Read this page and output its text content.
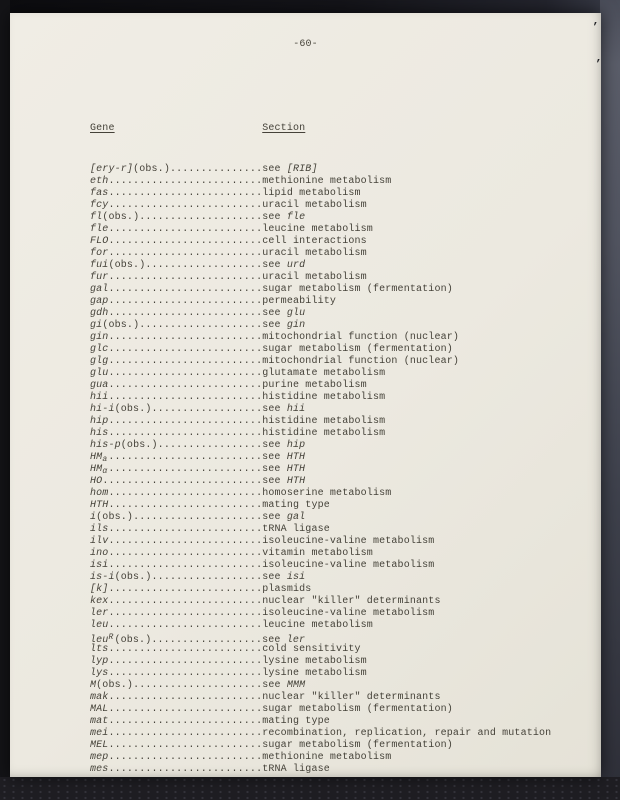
-60-
’
’

Gene	Section

[ery-r](obs.)...............see [RIB]
eth.........................methionine metabolism
fas.........................lipid metabolism
fcy.........................uracil metabolism
fl(obs.)....................see fle
fle.........................leucine metabolism
FLO.........................cell interactions
for.........................uracil metabolism
fui(obs.)...................see urd
fur.........................uracil metabolism
gal.........................sugar metabolism (fermentation)
gap.........................permeability
gdh.........................see glu
gi(obs.)....................see gin
gin.........................mitochondrial function (nuclear)
glc.........................sugar metabolism (fermentation)
glg.........................mitochondrial function (nuclear)
glu.........................glutamate metabolism
gua.........................purine metabolism
hii.........................histidine metabolism
hi-i(obs.)..................see hii
hip.........................histidine metabolism
his.........................histidine metabolism
his-p(obs.).................see hip
$HM_a.........................see$ HTH
$HM_\alpha.........................see$ HTH
HO..........................see HTH
hom.........................homoserine metabolism
HTH.........................mating type
i(obs.).....................see gal
ils.........................tRNA ligase
ilv.........................isoleucine-valine metabolism
ino.........................vitamin metabolism
isi.........................isoleucine-valine metabolism
is-i(obs.)..................see isi
[k].........................plasmids
kex.........................nuclear "killer" determinants
ler.........................isoleucine-valine metabolism
leu.........................leucine metabolism
leu$^R$(obs.)..................see ler
lts.........................cold sensitivity
lyp.........................lysine metabolism
lys.........................lysine metabolism
M(obs.).....................see MMM
mak.........................nuclear "killer" determinants
MAL.........................sugar metabolism (fermentation)
mat.........................mating type
mei.........................recombination, replication, repair and mutation
MEL.........................sugar metabolism (fermentation)
mep.........................methionine metabolism
mes.........................tRNA ligase
